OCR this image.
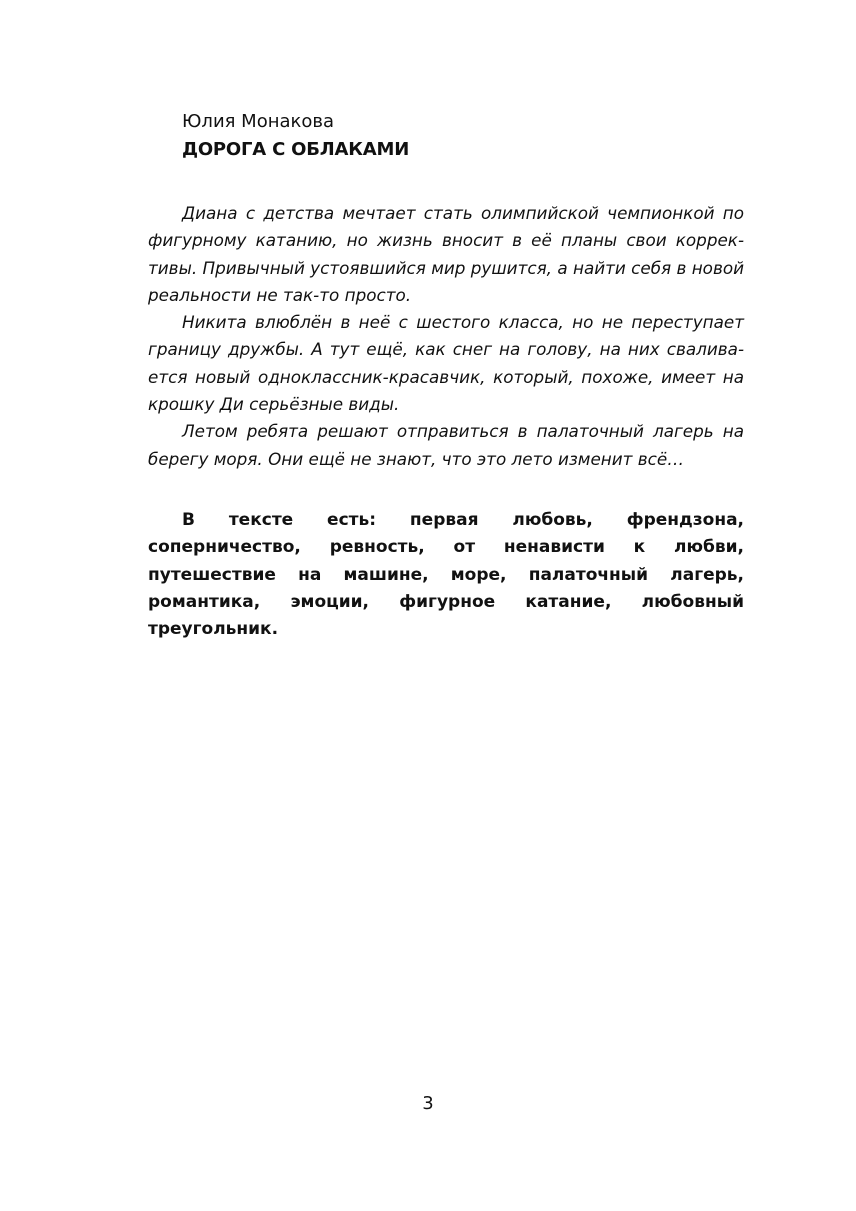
Юлия Монакова
ДОРОГА С ОБЛАКАМИ

Диана с детства мечтает стать олимпийской чемпионкой по фигурному катанию, но жизнь вносит в её планы свои коррективы. Привычный устоявшийся мир рушится, а найти себя в новой реальности не так-то просто.

Никита влюблён в неё с шестого класса, но не переступает границу дружбы. А тут ещё, как снег на голову, на них сваливается новый одноклассник-красавчик, который, похоже, имеет на крошку Ди серьёзные виды.

Летом ребята решают отправиться в палаточный лагерь на берегу моря. Они ещё не знают, что это лето изменит всё…

В тексте есть: первая любовь, френдзона, соперничество, ревность, от ненависти к любви, путешествие на машине, море, палаточный лагерь, романтика, эмоции, фигурное катание, любовный треугольник.
3
